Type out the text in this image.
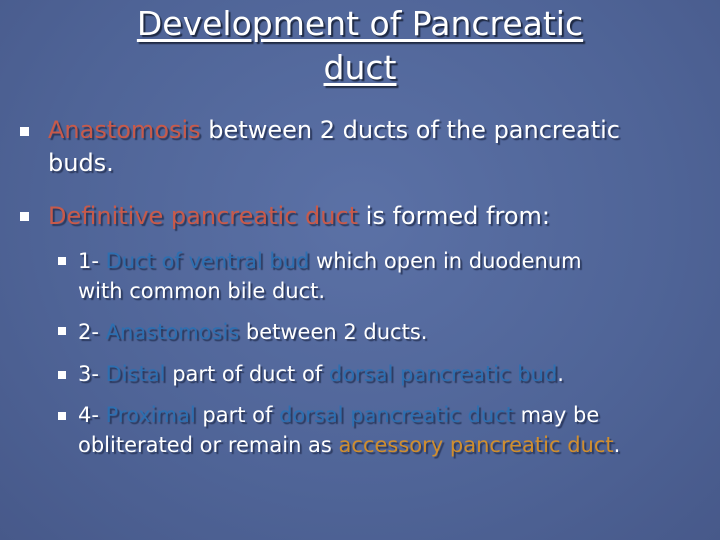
Development of Pancreatic
duct
Anastomosis between 2 ducts of the pancreatic
buds.
Definitive pancreatic duct is formed from:
1- Duct of ventral bud which open in duodenum
with common bile duct.
2- Anastomosis between 2 ducts.
3- Distal part of duct of dorsal pancreatic bud.
4- Proximal part of dorsal pancreatic duct may be
obliterated or remain as accessory pancreatic duct.
